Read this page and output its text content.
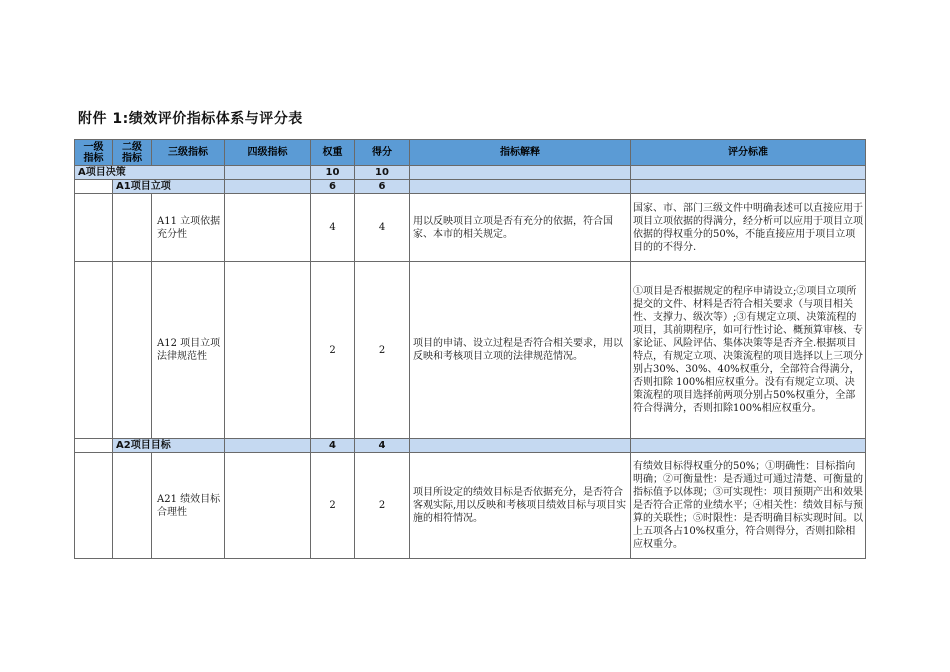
附件 1:绩效评价指标体系与评分表
一级
指标	二级
指标	三级指标	四级指标	权重	得分	指标解释	评分标准
A项目决策				10	10		
	A1项目立项			6	6		
		A11 立项依据充分性		4	4	用以反映项目立项是否有充分的依据，符合国家、本市的相关规定。	国家、市、部门三级文件中明确表述可以直接应用于项目立项依据的得满分，经分析可以应用于项目立项依据的得权重分的50%，不能直接应用于项目立项目的的不得分.
		A12 项目立项法律规范性		2	2	项目的申请、设立过程是否符合相关要求，用以反映和考核项目立项的法律规范情况。	①项目是否根据规定的程序申请设立;②项目立项所提交的文件、材料是否符合相关要求（与项目相关性、支撑力、级次等）;③有规定立项、决策流程的项目，其前期程序，如可行性讨论、概预算审核、专家论证、风险评估、集体决策等是否齐全.根据项目特点，有规定立项、决策流程的项目选择以上三项分别占30%、30%、40%权重分，全部符合得满分，否则扣除 100%相应权重分。没有有规定立项、决策流程的项目选择前两项分别占50%权重分，全部符合得满分，否则扣除100%相应权重分。
	A2项目目标			4	4		
		A21 绩效目标合理性		2	2	项目所设定的绩效目标是否依据充分，是否符合客观实际,用以反映和考核项目绩效目标与项目实施的相符情况。	有绩效目标得权重分的50%；①明确性：目标指向明确；②可衡量性：是否通过可通过清楚、可衡量的指标值予以体现；③可实现性：项目预期产出和效果是否符合正常的业绩水平；④相关性：绩效目标与预算的关联性；⑤时限性：是否明确目标实现时间。以上五项各占10%权重分，符合则得分，否则扣除相应权重分。
